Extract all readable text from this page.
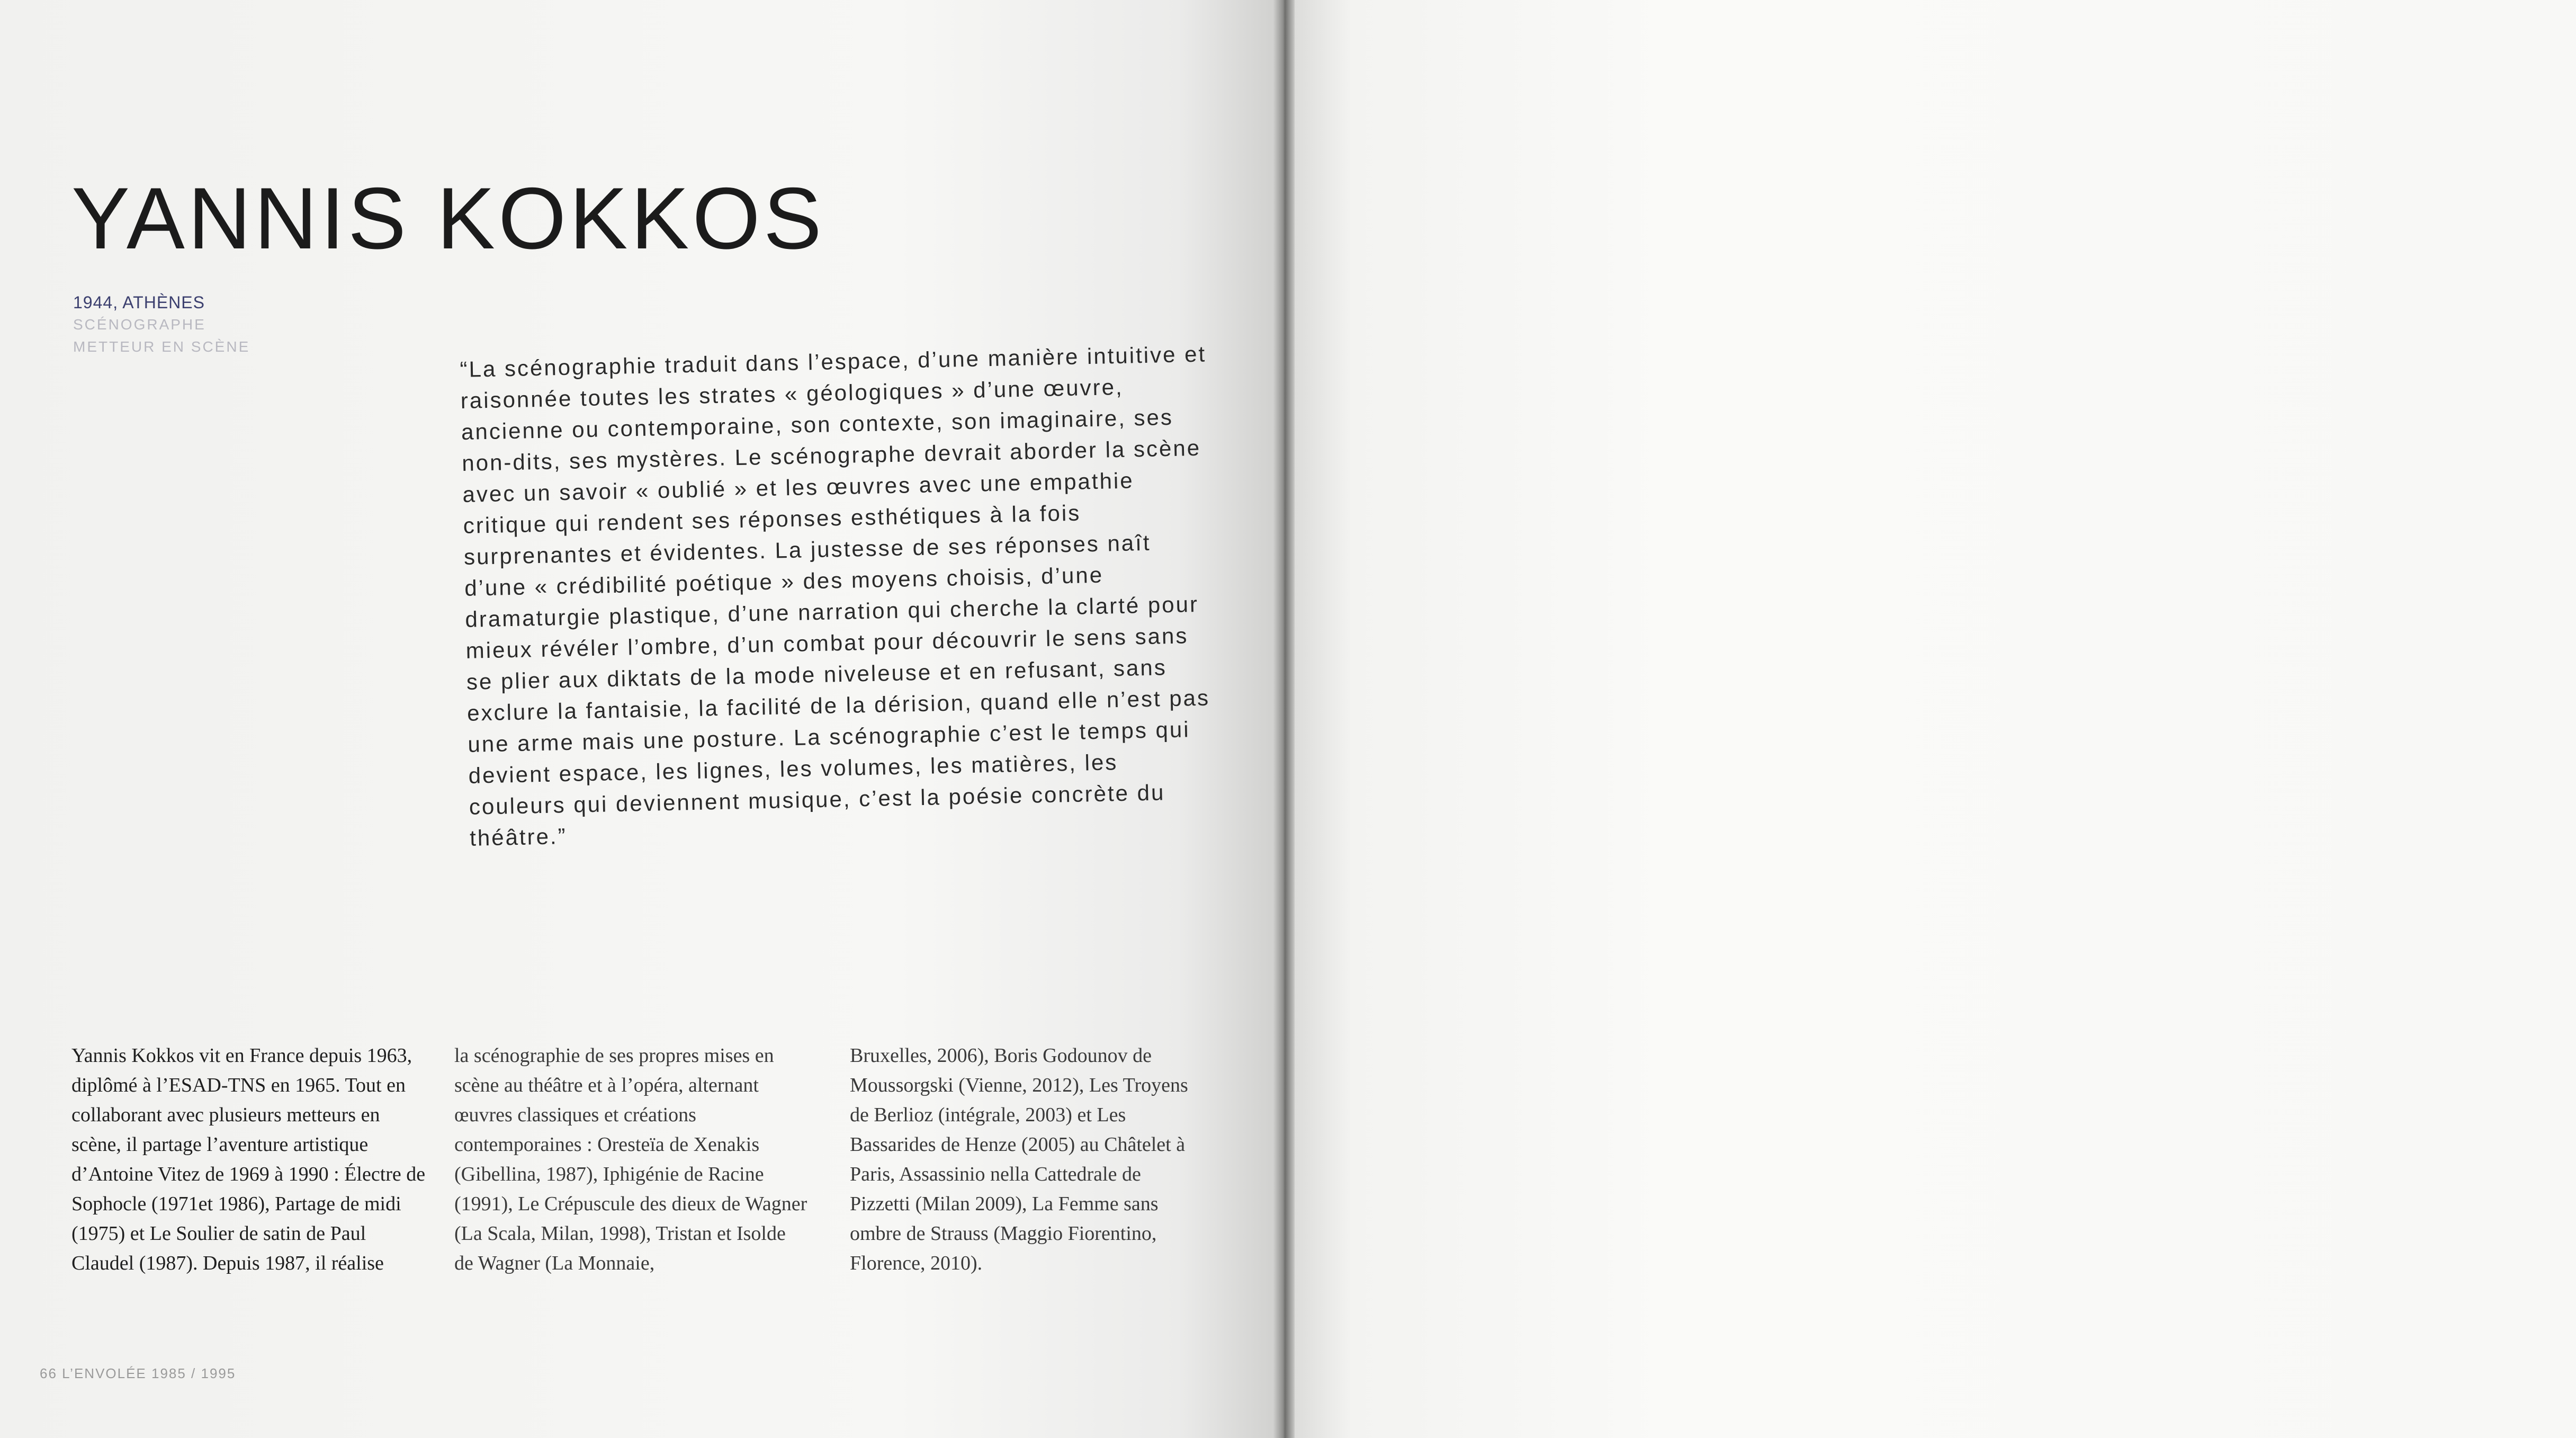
YANNIS KOKKOS
1944, ATHÈNES
SCÉNOGRAPHE
METTEUR EN SCÈNE	“La scénographie traduit dans l’espace, d’une manière intuitive et raisonnée toutes les strates « géologiques » d’une œuvre, ancienne ou contemporaine, son contexte, son imaginaire, ses non-dits, ses mystères. Le scénographe devrait aborder la scène avec un savoir « oublié » et les œuvres avec une empathie critique qui rendent ses réponses esthétiques à la fois surprenantes et évidentes. La justesse de ses réponses naît d’une « crédibilité poétique » des moyens choisis, d’une dramaturgie plastique, d’une narration qui cherche la clarté pour mieux révéler l’ombre, d’un combat pour découvrir le sens sans se plier aux diktats de la mode niveleuse et en refusant, sans exclure la fantaisie, la facilité de la dérision, quand elle n’est pas une arme mais une posture. La scénographie c’est le temps qui devient espace, les lignes, les volumes, les matières, les couleurs qui deviennent musique, c’est la poésie concrète du théâtre.”

Yannis Kokkos vit en France depuis 1963, diplômé à l’ESAD-TNS en 1965. Tout en collaborant avec plusieurs metteurs en scène, il partage l’aventure artistique d’Antoine Vitez de 1969 à 1990 : Électre de Sophocle (1971et 1986), Partage de midi (1975) et Le Soulier de satin de Paul Claudel (1987). Depuis 1987, il réalise

la scénographie de ses propres mises en scène au théâtre et à l’opéra, alternant œuvres classiques et créations contemporaines : Oresteïa de Xenakis (Gibellina, 1987), Iphigénie de Racine (1991), Le Crépuscule des dieux de Wagner (La Scala, Milan, 1998), Tristan et Isolde de Wagner (La Monnaie,

Bruxelles, 2006), Boris Godounov de Moussorgski (Vienne, 2012), Les Troyens de Berlioz (intégrale, 2003) et Les Bassarides de Henze (2005) au Châtelet à Paris, Assassinio nella Cattedrale de Pizzetti (Milan 2009), La Femme sans ombre de Strauss (Maggio Fiorentino, Florence, 2010).

66 L’ENVOLÉE 1985 / 1995
